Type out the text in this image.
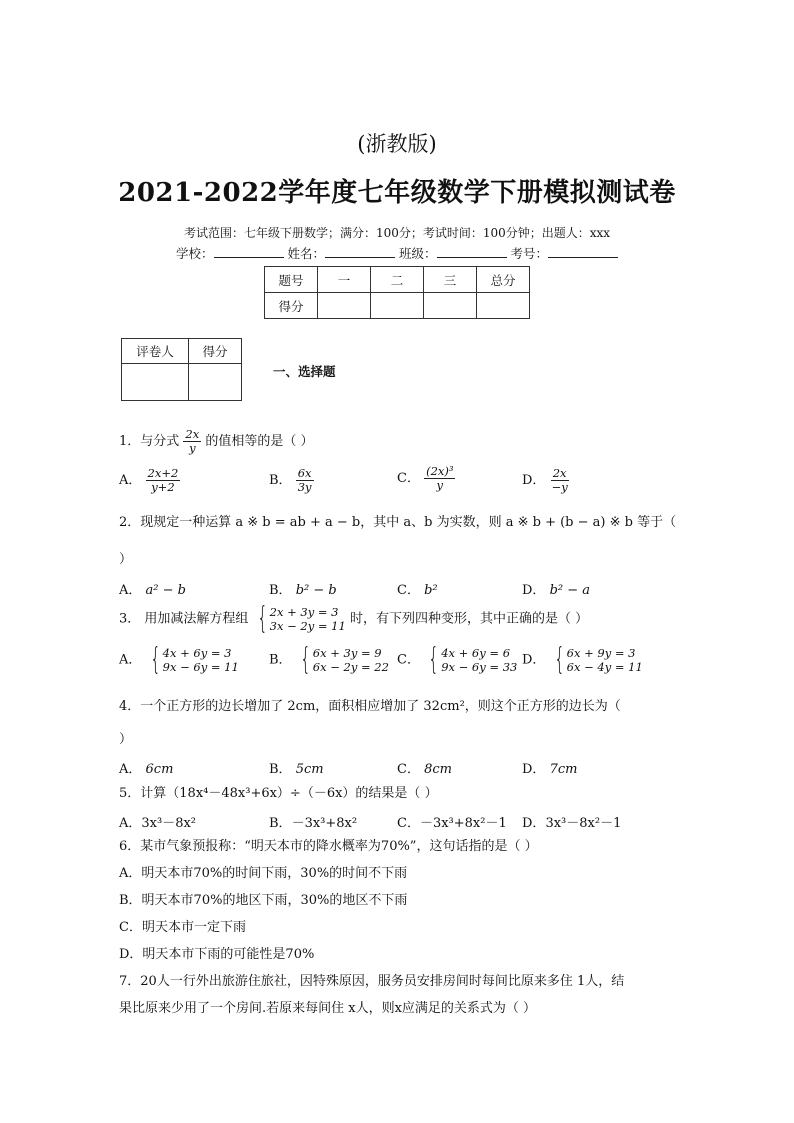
(浙教版)
2021-2022学年度七年级数学下册模拟测试卷
考试范围：七年级下册数学；满分：100分；考试时间：100分钟；出题人：xxx
学校：	姓名：	班级：	考号：
题号	一	二	三	总分
得分				
评卷人	得分

一、选择题
1．与分式 $\frac{2x}{y}$ 的值相等的是（ ）
A． $\frac{2x+2}{y+2}$	B． $\frac{6x}{3y}$	C． $\frac{\text{(2x)³}}{y}$	D． $\frac{2x}{-y}$
2．现规定一种运算 a ※ b = ab + a − b，其中 a、b 为实数，则 a ※ b + (b − a) ※ b 等于（
）
A． a² − b	B． b² − b	C． b²	D． b² − a
3． 用加减法解方程组 { 2x + 3y = 3
3x − 2y = 11 时，有下列四种变形，其中正确的是（ ）
A． { 4x + 6y = 3
9x − 6y = 11 B． { 6x + 3y = 9
6x − 2y = 22 C． { 4x + 6y = 6
9x − 6y = 33 D． { 6x + 9y = 3
6x − 4y = 11
4．一个正方形的边长增加了 2cm，面积相应增加了 32cm²，则这个正方形的边长为（
）
A． 6cm	B． 5cm	C． 8cm	D． 7cm
5．计算（18x⁴－48x³+6x）÷（－6x）的结果是（ ）
A．3x³－8x²	B．－3x³+8x²	C．－3x³+8x²－1 D．3x³－8x²－1
6．某市气象预报称：“明天本市的降水概率为70%”，这句话指的是（ ）
A．明天本市70%的时间下雨，30%的时间不下雨
B．明天本市70%的地区下雨，30%的地区不下雨
C．明天本市一定下雨
D．明天本市下雨的可能性是70%
7．20人一行外出旅游住旅社，因特殊原因，服务员安排房间时每间比原来多住 1人，结
果比原来少用了一个房间.若原来每间住 x人，则x应满足的关系式为（ ）
